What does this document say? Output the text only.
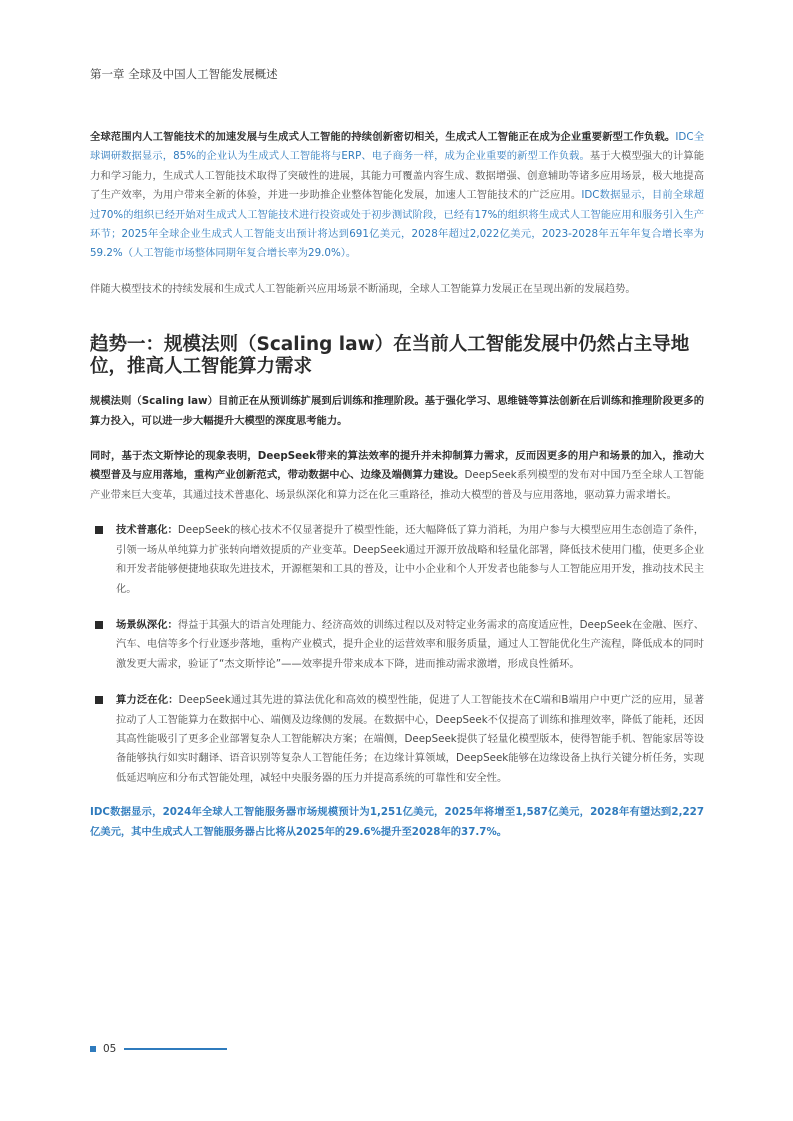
第一章 全球及中国人工智能发展概述

全球范围内人工智能技术的加速发展与生成式人工智能的持续创新密切相关，生成式人工智能正在成为企业重要新型工作负载。IDC全球调研数据显示，85%的企业认为生成式人工智能将与ERP、电子商务一样，成为企业重要的新型工作负载。基于大模型强大的计算能力和学习能力，生成式人工智能技术取得了突破性的进展，其能力可覆盖内容生成、数据增强、创意辅助等诸多应用场景，极大地提高了生产效率，为用户带来全新的体验，并进一步助推企业整体智能化发展，加速人工智能技术的广泛应用。IDC数据显示，目前全球超过70%的组织已经开始对生成式人工智能技术进行投资或处于初步测试阶段，已经有17%的组织将生成式人工智能应用和服务引入生产环节；2025年全球企业生成式人工智能支出预计将达到691亿美元，2028年超过2,022亿美元，2023-2028年五年年复合增长率为59.2%（人工智能市场整体同期年复合增长率为29.0%）。

伴随大模型技术的持续发展和生成式人工智能新兴应用场景不断涌现，全球人工智能算力发展正在呈现出新的发展趋势。

趋势一：规模法则（Scaling law）在当前人工智能发展中仍然占主导地位，推高人工智能算力需求

规模法则（Scaling law）目前正在从预训练扩展到后训练和推理阶段。基于强化学习、思维链等算法创新在后训练和推理阶段更多的算力投入，可以进一步大幅提升大模型的深度思考能力。

同时，基于杰文斯悖论的现象表明，DeepSeek带来的算法效率的提升并未抑制算力需求，反而因更多的用户和场景的加入，推动大模型普及与应用落地，重构产业创新范式，带动数据中心、边缘及端侧算力建设。DeepSeek系列模型的发布对中国乃至全球人工智能产业带来巨大变革，其通过技术普惠化、场景纵深化和算力泛在化三重路径，推动大模型的普及与应用落地，驱动算力需求增长。

技术普惠化：DeepSeek的核心技术不仅显著提升了模型性能，还大幅降低了算力消耗，为用户参与大模型应用生态创造了条件，引领一场从单纯算力扩张转向增效提质的产业变革。DeepSeek通过开源开放战略和轻量化部署，降低技术使用门槛，使更多企业和开发者能够便捷地获取先进技术，开源框架和工具的普及，让中小企业和个人开发者也能参与人工智能应用开发，推动技术民主化。
场景纵深化：得益于其强大的语言处理能力、经济高效的训练过程以及对特定业务需求的高度适应性，DeepSeek在金融、医疗、汽车、电信等多个行业逐步落地，重构产业模式，提升企业的运营效率和服务质量，通过人工智能优化生产流程，降低成本的同时激发更大需求，验证了“杰文斯悖论”——效率提升带来成本下降，进而推动需求激增，形成良性循环。
算力泛在化：DeepSeek通过其先进的算法优化和高效的模型性能，促进了人工智能技术在C端和B端用户中更广泛的应用，显著拉动了人工智能算力在数据中心、端侧及边缘侧的发展。在数据中心，DeepSeek不仅提高了训练和推理效率，降低了能耗，还因其高性能吸引了更多企业部署复杂人工智能解决方案；在端侧，DeepSeek提供了轻量化模型版本，使得智能手机、智能家居等设备能够执行如实时翻译、语音识别等复杂人工智能任务；在边缘计算领域，DeepSeek能够在边缘设备上执行关键分析任务，实现低延迟响应和分布式智能处理，减轻中央服务器的压力并提高系统的可靠性和安全性。

IDC数据显示，2024年全球人工智能服务器市场规模预计为1,251亿美元，2025年将增至1,587亿美元，2028年有望达到2,227亿美元，其中生成式人工智能服务器占比将从2025年的29.6%提升至2028年的37.7%。

05
